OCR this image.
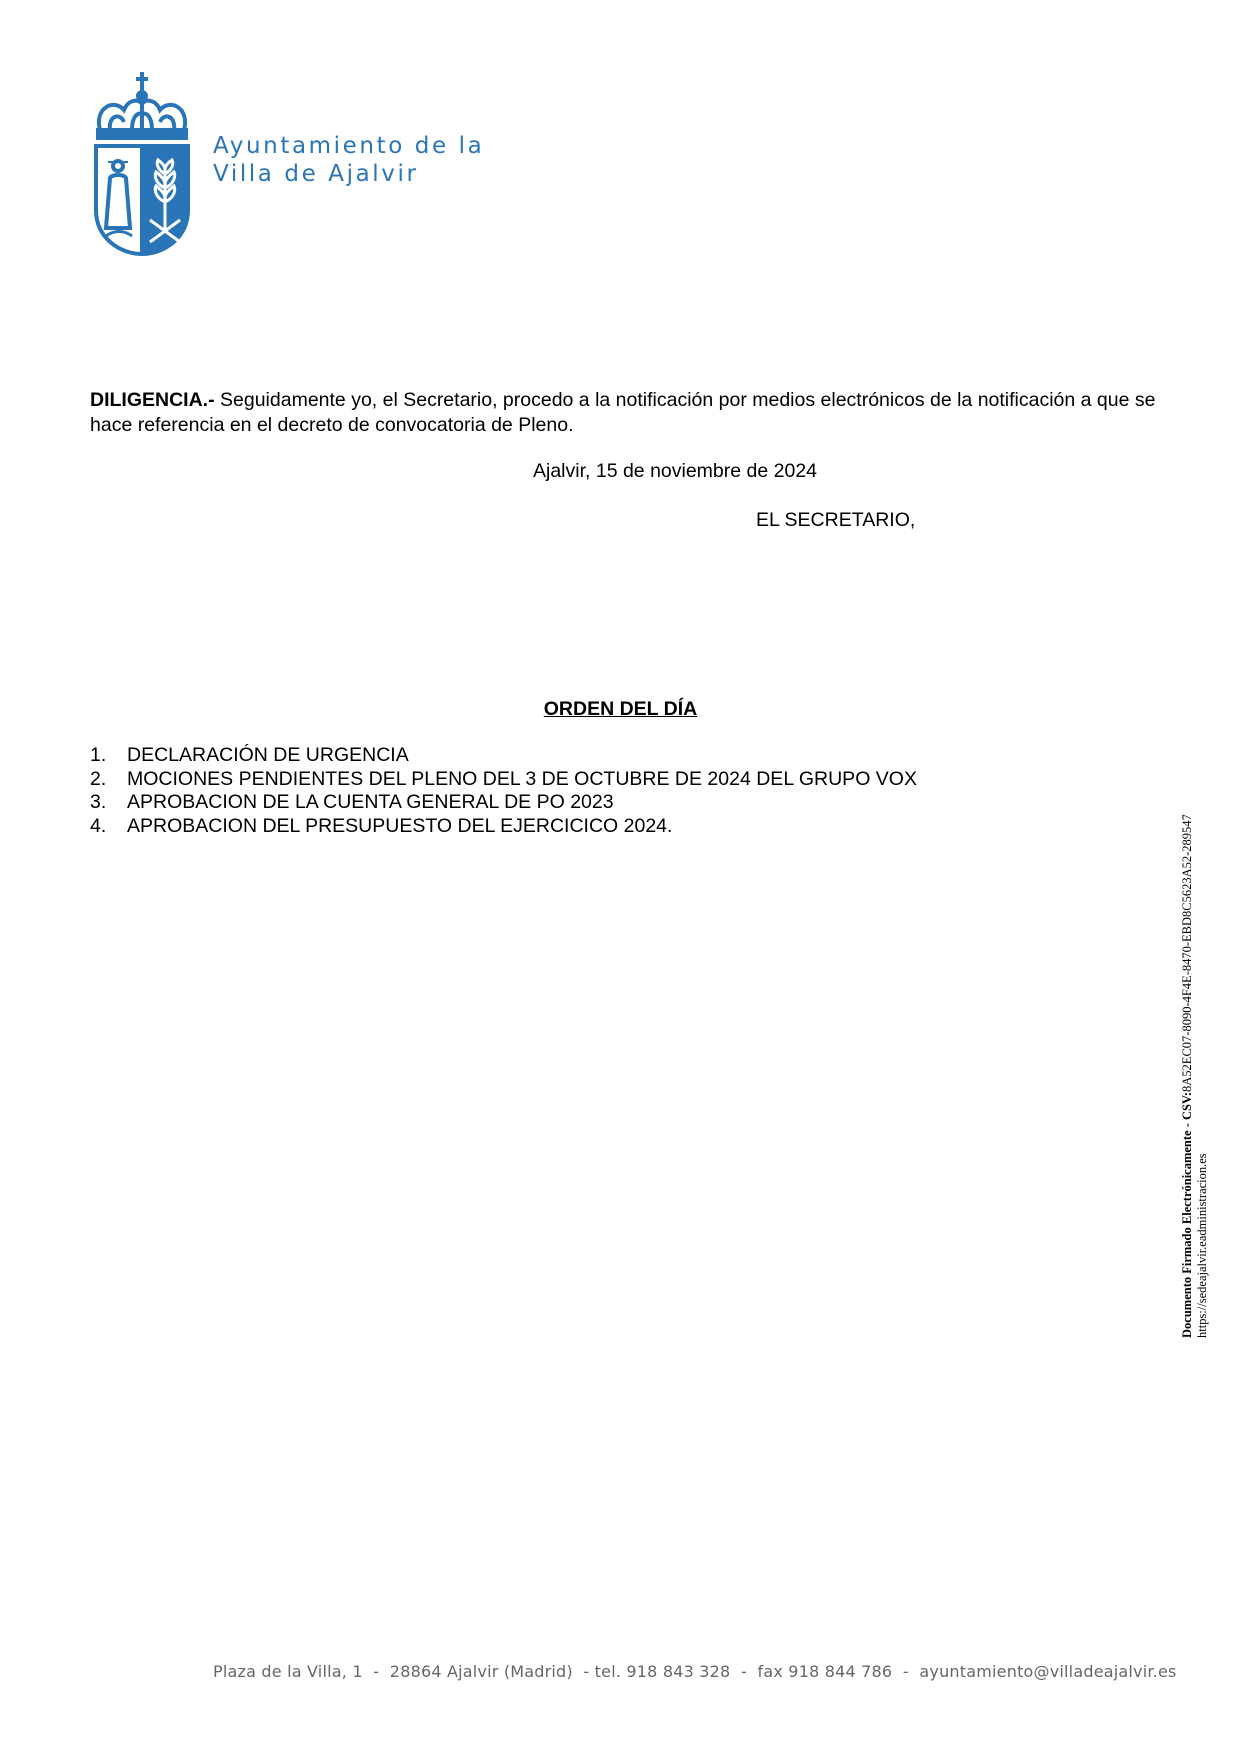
Ayuntamiento de la
Villa de Ajalvir
DILIGENCIA.- Seguidamente yo, el Secretario, procedo a la notificación por medios electrónicos de la notificación a que se hace referencia en el decreto de convocatoria de Pleno.
Ajalvir, 15 de noviembre de 2024
EL SECRETARIO,
ORDEN DEL DÍA
1. DECLARACIÓN DE URGENCIA
2. MOCIONES PENDIENTES DEL PLENO DEL 3 DE OCTUBRE DE 2024 DEL GRUPO VOX
3. APROBACION DE LA CUENTA GENERAL DE PO 2023
4. APROBACION DEL PRESUPUESTO DEL EJERCICICO 2024.
Documento Firmado Electrónicamente - CSV:8A52EC07-8090-4F4E-8470-EBD8C5623A52-289547
https://sedeajalvir.eadministracion.es
Plaza de la Villa, 1  -  28864 Ajalvir (Madrid)  - tel. 918 843 328  -  fax 918 844 786  -  ayuntamiento@villadeajalvir.es
